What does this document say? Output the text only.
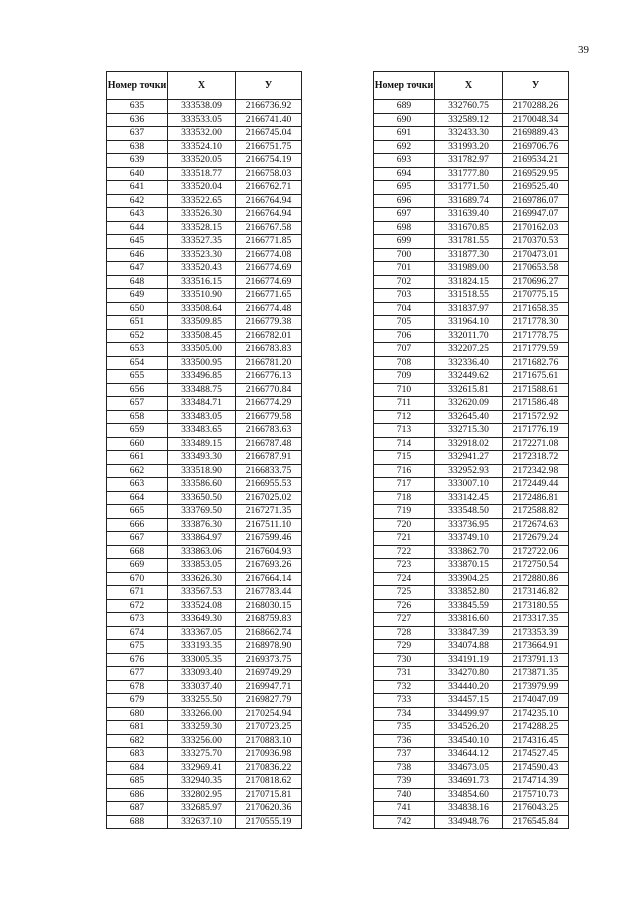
39
Номер точки	X	У
635	333538.09	2166736.92
636	333533.05	2166741.40
637	333532.00	2166745.04
638	333524.10	2166751.75
639	333520.05	2166754.19
640	333518.77	2166758.03
641	333520.04	2166762.71
642	333522.65	2166764.94
643	333526.30	2166764.94
644	333528.15	2166767.58
645	333527.35	2166771.85
646	333523.30	2166774.08
647	333520.43	2166774.69
648	333516.15	2166774.69
649	333510.90	2166771.65
650	333508.64	2166774.48
651	333509.85	2166779.38
652	333508.45	2166782.01
653	333505.00	2166783.83
654	333500.95	2166781.20
655	333496.85	2166776.13
656	333488.75	2166770.84
657	333484.71	2166774.29
658	333483.05	2166779.58
659	333483.65	2166783.63
660	333489.15	2166787.48
661	333493.30	2166787.91
662	333518.90	2166833.75
663	333586.60	2166955.53
664	333650.50	2167025.02
665	333769.50	2167271.35
666	333876.30	2167511.10
667	333864.97	2167599.46
668	333863.06	2167604.93
669	333853.05	2167693.26
670	333626.30	2167664.14
671	333567.53	2167783.44
672	333524.08	2168030.15
673	333649.30	2168759.83
674	333367.05	2168662.74
675	333193.35	2168978.90
676	333005.35	2169373.75
677	333093.40	2169749.29
678	333037.40	2169947.71
679	333255.50	2169827.79
680	333266.00	2170254.94
681	333259.30	2170723.25
682	333256.00	2170883.10
683	333275.70	2170936.98
684	332969.41	2170836.22
685	332940.35	2170818.62
686	332802.95	2170715.81
687	332685.97	2170620.36
688	332637.10	2170555.19
Номер точки	X	У
689	332760.75	2170288.26
690	332589.12	2170048.34
691	332433.30	2169889.43
692	331993.20	2169706.76
693	331782.97	2169534.21
694	331777.80	2169529.95
695	331771.50	2169525.40
696	331689.74	2169786.07
697	331639.40	2169947.07
698	331670.85	2170162.03
699	331781.55	2170370.53
700	331877.30	2170473.01
701	331989.00	2170653.58
702	331824.15	2170696.27
703	331518.55	2170775.15
704	331837.97	2171658.35
705	331964.10	2171778.30
706	332011.70	2171778.75
707	332207.25	2171779.59
708	332336.40	2171682.76
709	332449.62	2171675.61
710	332615.81	2171588.61
711	332620.09	2171586.48
712	332645.40	2171572.92
713	332715.30	2171776.19
714	332918.02	2172271.08
715	332941.27	2172318.72
716	332952.93	2172342.98
717	333007.10	2172449.44
718	333142.45	2172486.81
719	333548.50	2172588.82
720	333736.95	2172674.63
721	333749.10	2172679.24
722	333862.70	2172722.06
723	333870.15	2172750.54
724	333904.25	2172880.86
725	333852.80	2173146.82
726	333845.59	2173180.55
727	333816.60	2173317.35
728	333847.39	2173353.39
729	334074.88	2173664.91
730	334191.19	2173791.13
731	334270.80	2173871.35
732	334440.20	2173979.99
733	334457.15	2174047.09
734	334499.97	2174235.10
735	334526.20	2174288.25
736	334540.10	2174316.45
737	334644.12	2174527.45
738	334673.05	2174590.43
739	334691.73	2174714.39
740	334854.60	2175710.73
741	334838.16	2176043.25
742	334948.76	2176545.84
